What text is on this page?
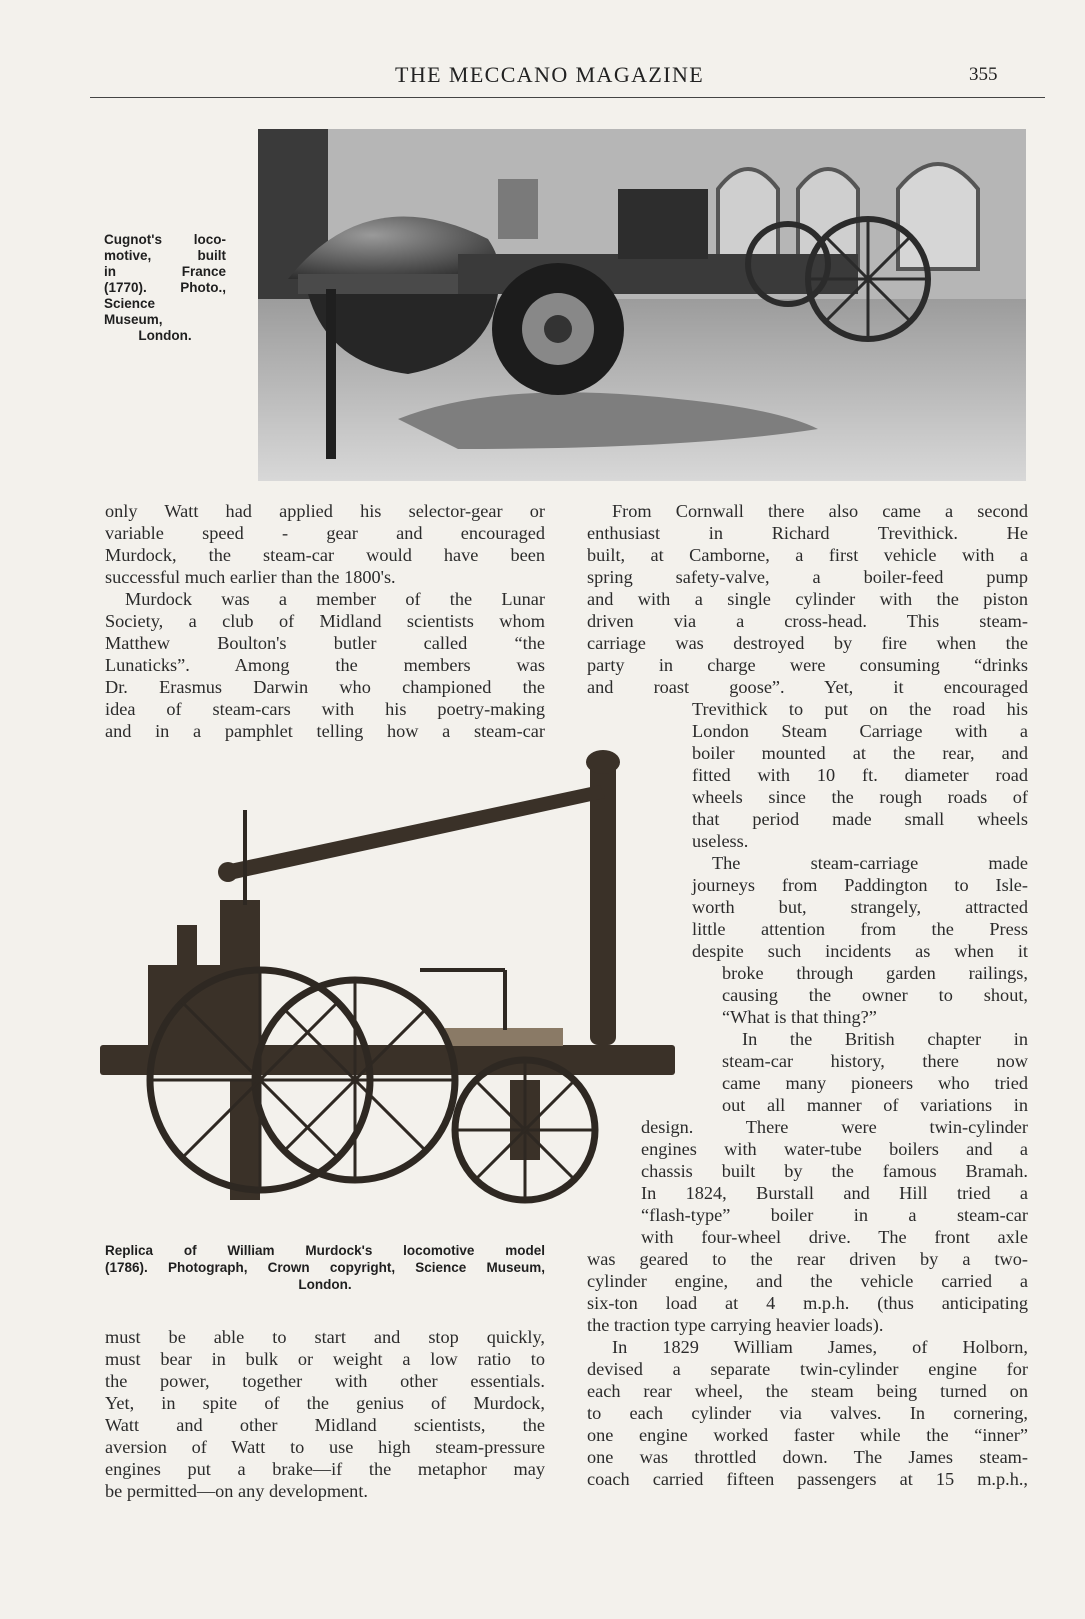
THE MECCANO MAGAZINE	355
Cugnot's loco-
motive, built
in France
(1770). Photo.,
Science
Museum,
London.
Replica of William Murdock's locomotive model
(1786). Photograph, Crown copyright, Science Museum,
London.
only Watt had applied his selector-gear or
variable speed - gear and encouraged
Murdock, the steam-car would have been
successful much earlier than the 1800's.
Murdock was a member of the Lunar
Society, a club of Midland scientists whom
Matthew Boulton's butler called “the
Lunaticks”. Among the members was
Dr. Erasmus Darwin who championed the
idea of steam-cars with his poetry-making
and in a pamphlet telling how a steam-car
must be able to start and stop quickly,
must bear in bulk or weight a low ratio to
the power, together with other essentials.
Yet, in spite of the genius of Murdock,
Watt and other Midland scientists, the
aversion of Watt to use high steam-pressure
engines put a brake—if the metaphor may
be permitted—on any development.
From Cornwall there also came a second
enthusiast in Richard Trevithick. He
built, at Camborne, a first vehicle with a
spring safety-valve, a boiler-feed pump
and with a single cylinder with the piston
driven via a cross-head. This steam-
carriage was destroyed by fire when the
party in charge were consuming “drinks
and roast goose”. Yet, it encouraged
Trevithick to put on the road his
London Steam Carriage with a
boiler mounted at the rear, and
fitted with 10 ft. diameter road
wheels since the rough roads of
that period made small wheels
useless.
The steam-carriage made
journeys from Paddington to Isle-
worth but, strangely, attracted
little attention from the Press
despite such incidents as when it
broke through garden railings,
causing the owner to shout,
“What is that thing?”
In the British chapter in
steam-car history, there now
came many pioneers who tried
out all manner of variations in
design. There were twin-cylinder
engines with water-tube boilers and a
chassis built by the famous Bramah.
In 1824, Burstall and Hill tried a
“flash-type” boiler in a steam-car
with four-wheel drive. The front axle
was geared to the rear driven by a two-
cylinder engine, and the vehicle carried a
six-ton load at 4 m.p.h. (thus anticipating
the traction type carrying heavier loads).
In 1829 William James, of Holborn,
devised a separate twin-cylinder engine for
each rear wheel, the steam being turned on
to each cylinder via valves. In cornering,
one engine worked faster while the “inner”
one was throttled down. The James steam-
coach carried fifteen passengers at 15 m.p.h.,
